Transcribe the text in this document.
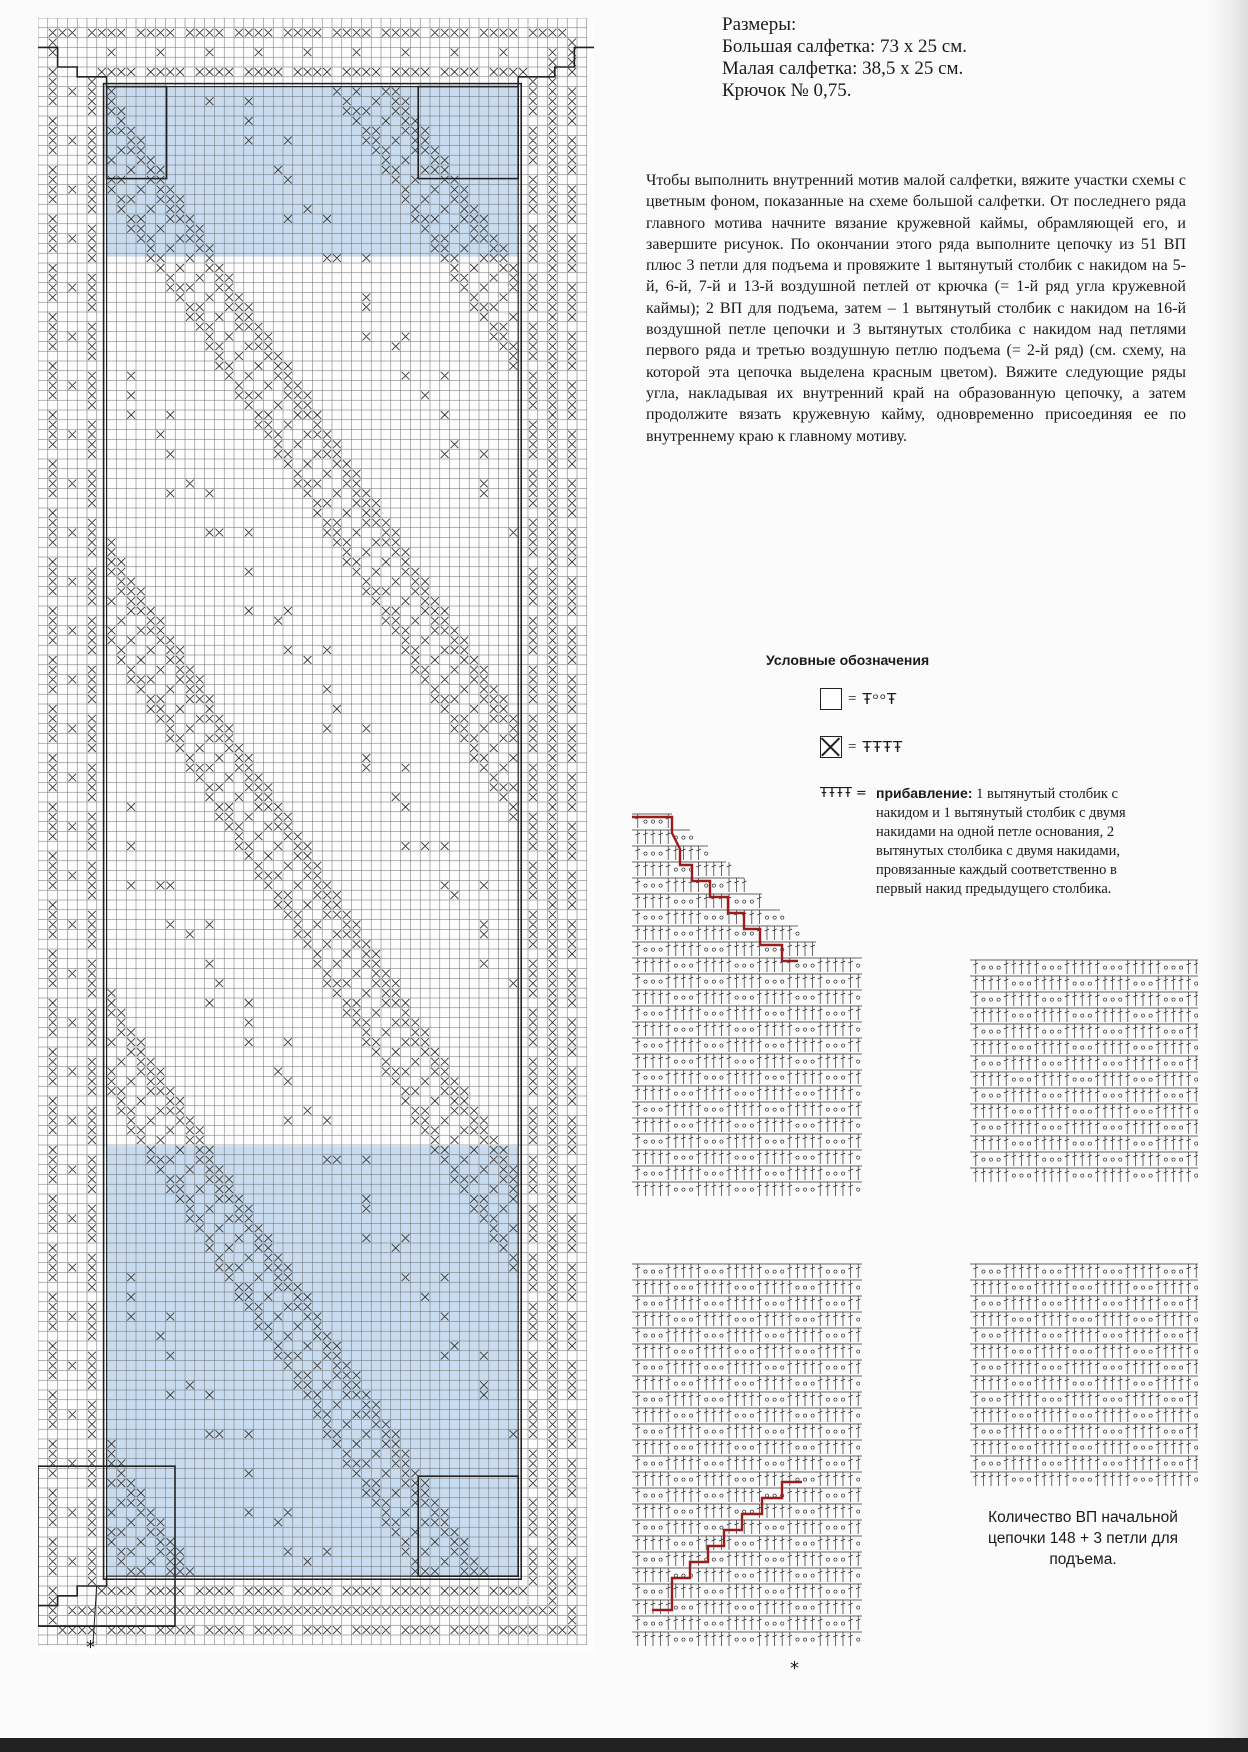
*
Размеры:
Большая салфетка: 73 х 25 см.
Малая салфетка: 38,5 х 25 см.
Крючок № 0,75.

Чтобы выполнить внутренний мотив малой салфетки, вяжите участки схемы с цветным фоном, показанные на схеме большой салфетки. От последнего ряда главного мотива начните вязание кружевной каймы, обрамляющей его, и завершите рисунок. По окончании этого ряда выполните цепочку из 51 ВП плюс 3 петли для подъема и провяжите 1 вытянутый столбик с накидом на 5-й, 6-й, 7-й и 13-й воздушной петлей от крючка (= 1-й ряд угла кружевной каймы); 2 ВП для подъема, затем – 1 вытянутый столбик с накидом на 16-й воздушной петле цепочки и 3 вытянутых столбика с накидом над петлями первого ряда и третью воздушную петлю подъема (= 2-й ряд) (см. схему, на которой эта цепочка выделена красным цветом). Вяжите следующие ряды угла, накладывая их внутренний край на образованную цепочку, а затем продолжите вязать кружевную кайму, одновременно присоединяя ее по внутреннему краю к главному мотиву.

Условные обозначения
= ŦᵒᵒŦ
= ŦŦŦŦ
ŦŦŦŦ = прибавление: 1 вытянутый столбик с накидом и 1 вытянутый столбик с двумя накидами на одной петле основания, 2 вытянутых столбика с двумя накидами, провязанные каждый соответственно в первый накид предыдущего столбика.
*
Количество ВП начальной цепочки 148 + 3 петли для подъема.
